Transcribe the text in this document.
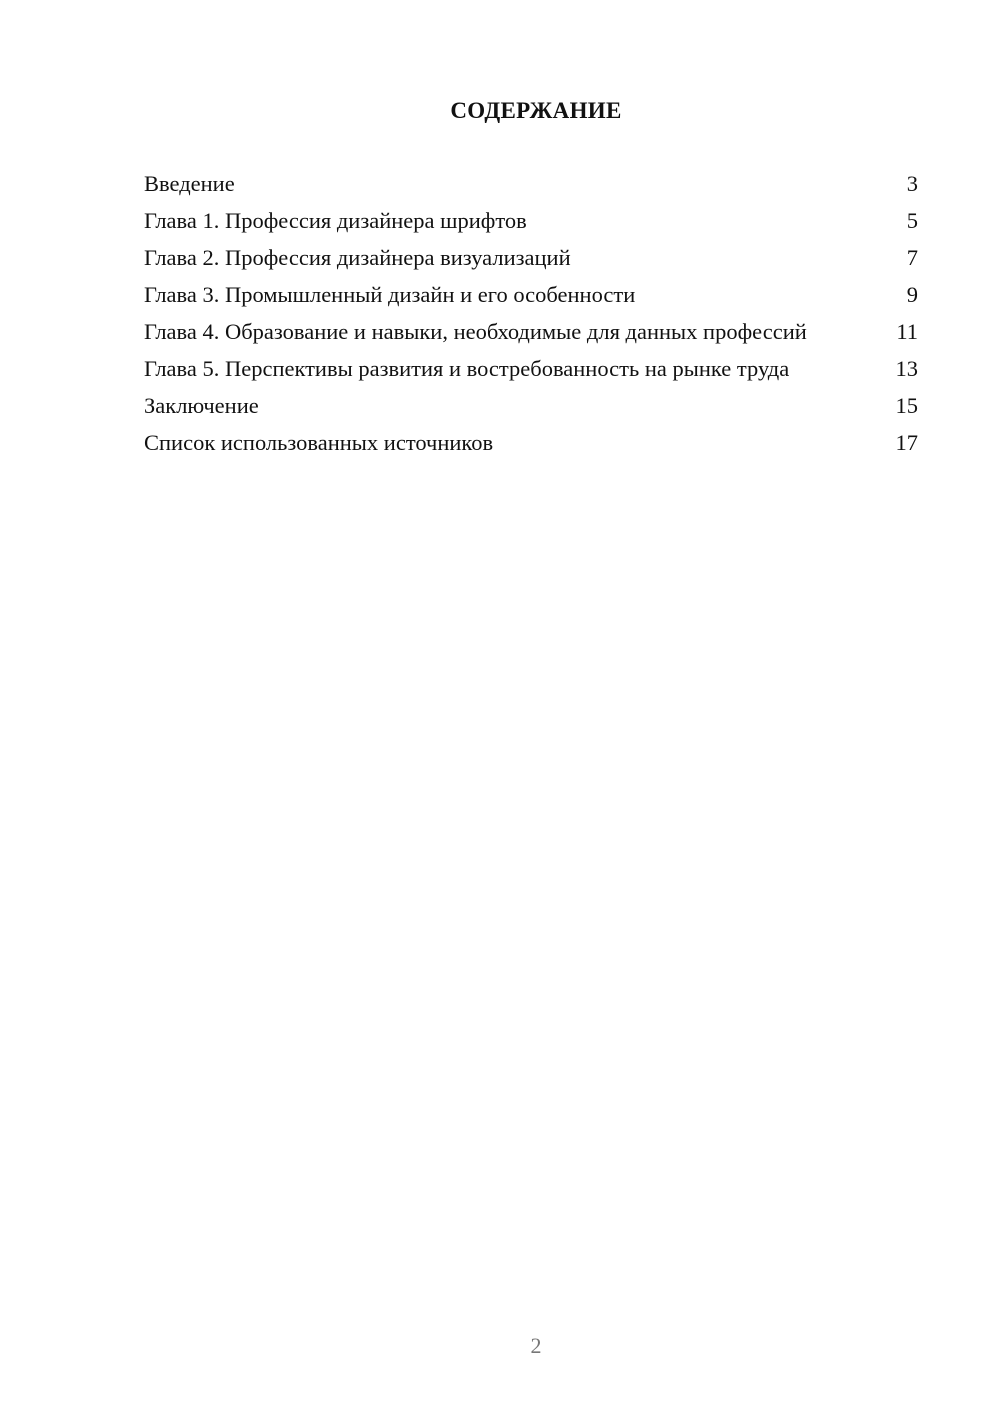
СОДЕРЖАНИЕ
Введение	3
Глава 1. Профессия дизайнера шрифтов	5
Глава 2. Профессия дизайнера визуализаций	7
Глава 3. Промышленный дизайн и его особенности	9
Глава 4. Образование и навыки, необходимые для данных профессий	11
Глава 5. Перспективы развития и востребованность на рынке труда	13
Заключение	15
Список использованных источников	17
2
